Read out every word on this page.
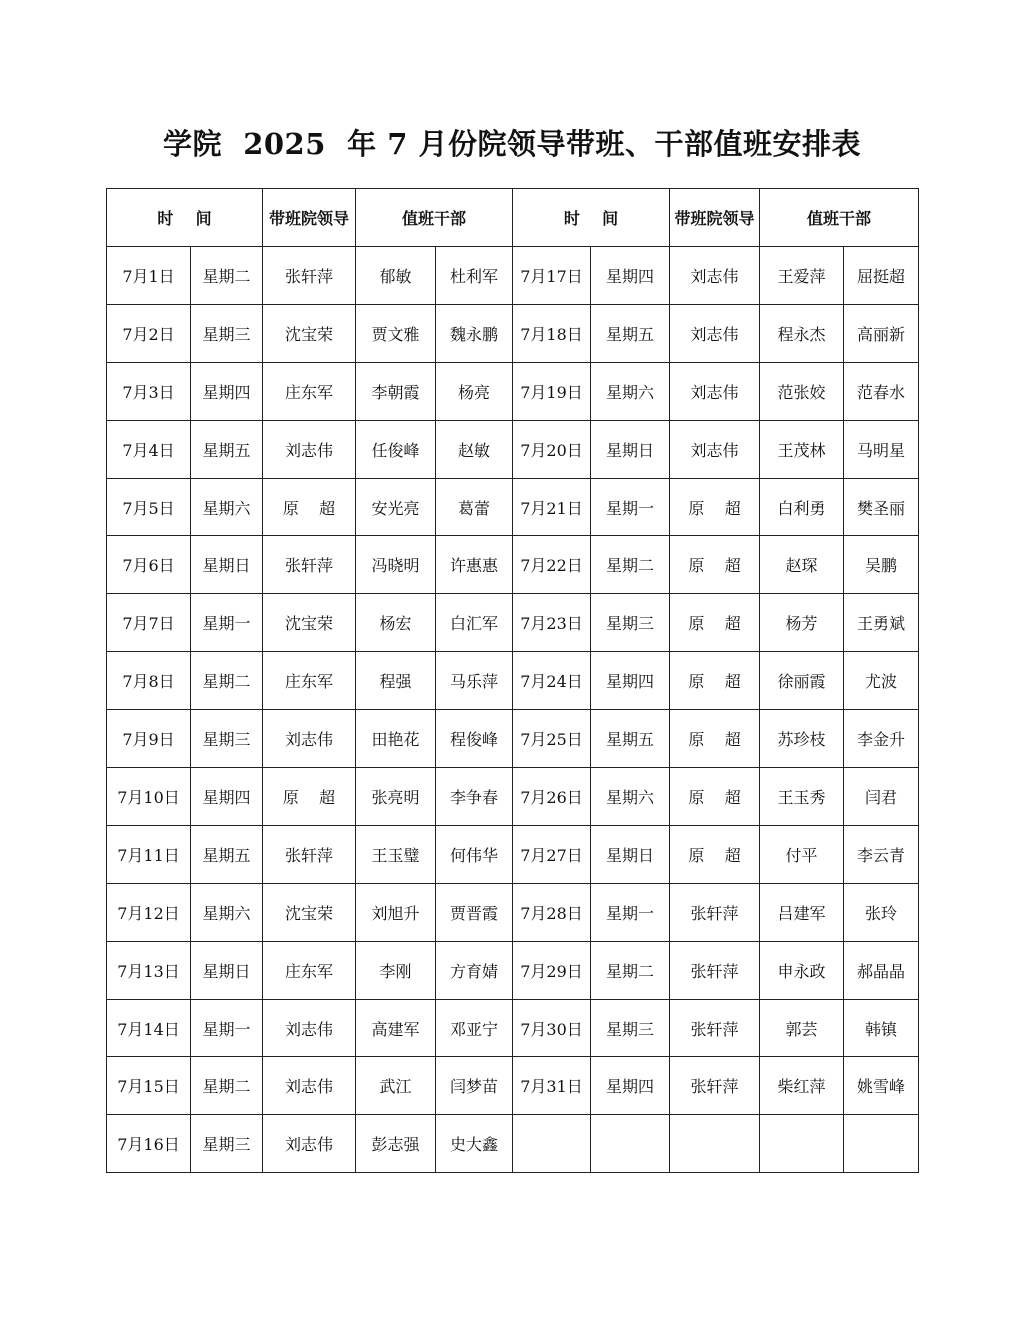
学院  2025  年 7 月份院领导带班、干部值班安排表
时    间		带班院领导	值班干部		时    间		带班院领导	值班干部	
7月1日	星期二	张轩萍	郁敏	杜利军	7月17日	星期四	刘志伟	王爱萍	屈挺超
7月2日	星期三	沈宝荣	贾文雅	魏永鹏	7月18日	星期五	刘志伟	程永杰	高丽新
7月3日	星期四	庄东军	李朝霞	杨亮	7月19日	星期六	刘志伟	范张姣	范春水
7月4日	星期五	刘志伟	任俊峰	赵敏	7月20日	星期日	刘志伟	王茂林	马明星
7月5日	星期六	原    超	安光亮	葛蕾	7月21日	星期一	原    超	白利勇	樊圣丽
7月6日	星期日	张轩萍	冯晓明	许惠惠	7月22日	星期二	原    超	赵琛	吴鹏
7月7日	星期一	沈宝荣	杨宏	白汇军	7月23日	星期三	原    超	杨芳	王勇斌
7月8日	星期二	庄东军	程强	马乐萍	7月24日	星期四	原    超	徐丽霞	尤波
7月9日	星期三	刘志伟	田艳花	程俊峰	7月25日	星期五	原    超	苏珍枝	李金升
7月10日	星期四	原    超	张亮明	李争春	7月26日	星期六	原    超	王玉秀	闫君
7月11日	星期五	张轩萍	王玉璧	何伟华	7月27日	星期日	原    超	付平	李云青
7月12日	星期六	沈宝荣	刘旭升	贾晋霞	7月28日	星期一	张轩萍	吕建军	张玲
7月13日	星期日	庄东军	李刚	方育婧	7月29日	星期二	张轩萍	申永政	郝晶晶
7月14日	星期一	刘志伟	高建军	邓亚宁	7月30日	星期三	张轩萍	郭芸	韩镇
7月15日	星期二	刘志伟	武江	闫梦苗	7月31日	星期四	张轩萍	柴红萍	姚雪峰
7月16日	星期三	刘志伟	彭志强	史大鑫					
